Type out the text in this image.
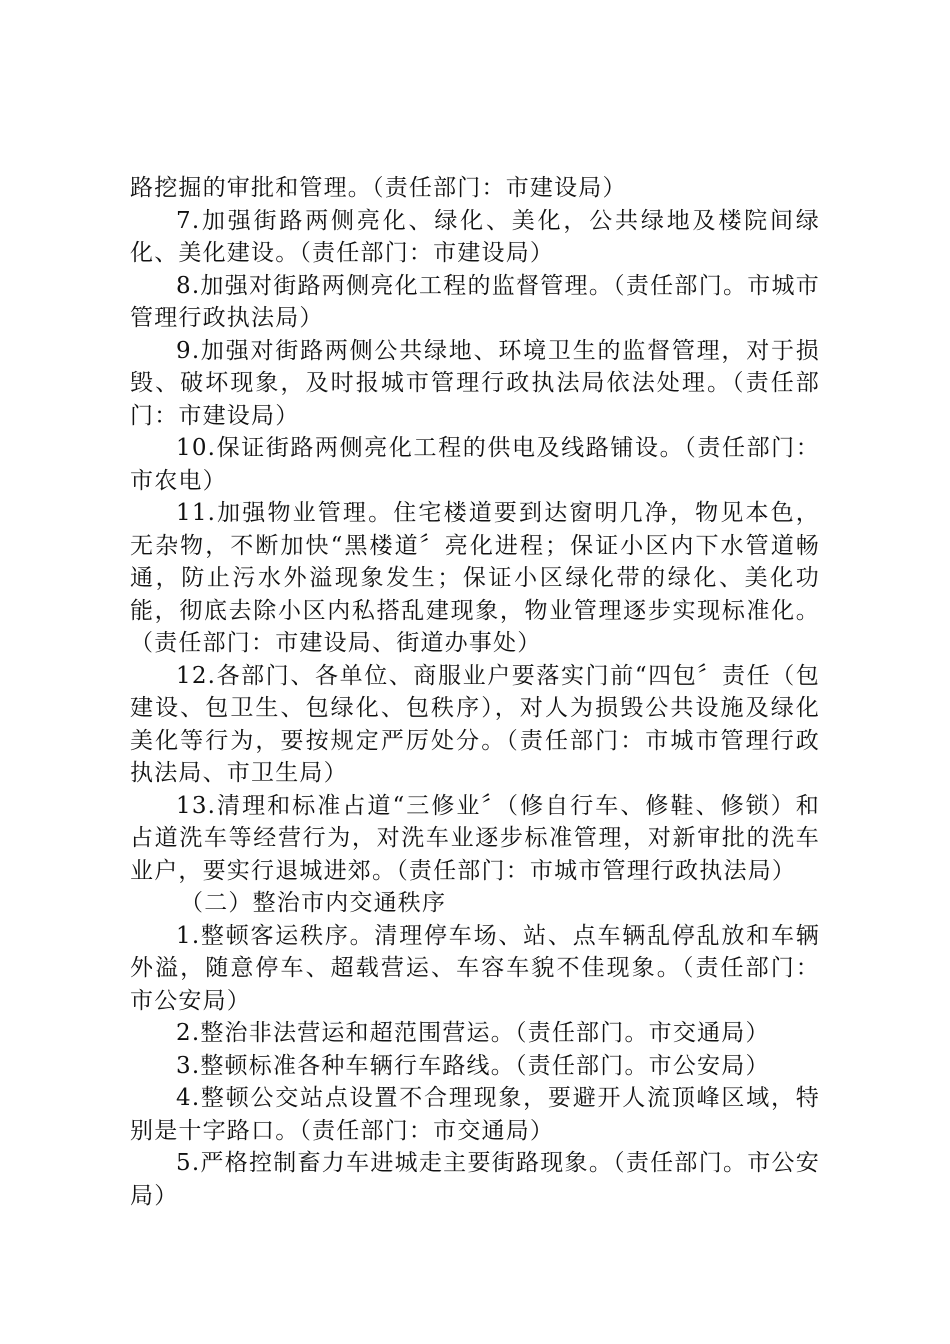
路挖掘的审批和管理。（责任部门：市建设局）

7.加强街路两侧亮化、绿化、美化，公共绿地及楼院间绿化、美化建设。（责任部门：市建设局）

8.加强对街路两侧亮化工程的监督管理。（责任部门。市城市管理行政执法局）

9.加强对街路两侧公共绿地、环境卫生的监督管理，对于损毁、破坏现象，及时报城市管理行政执法局依法处理。（责任部门：市建设局）

10.保证街路两侧亮化工程的供电及线路铺设。（责任部门：市农电）

11.加强物业管理。住宅楼道要到达窗明几净，物见本色，无杂物，不断加快“黑楼道〞亮化进程；保证小区内下水管道畅通，防止污水外溢现象发生；保证小区绿化带的绿化、美化功能，彻底去除小区内私搭乱建现象，物业管理逐步实现标准化。（责任部门：市建设局、街道办事处）

12.各部门、各单位、商服业户要落实门前“四包〞责任（包建设、包卫生、包绿化、包秩序），对人为损毁公共设施及绿化美化等行为，要按规定严厉处分。（责任部门：市城市管理行政执法局、市卫生局）

13.清理和标准占道“三修业〞（修自行车、修鞋、修锁）和占道洗车等经营行为，对洗车业逐步标准管理，对新审批的洗车业户，要实行退城进郊。（责任部门：市城市管理行政执法局）

（二）整治市内交通秩序

1.整顿客运秩序。清理停车场、站、点车辆乱停乱放和车辆外溢，随意停车、超载营运、车容车貌不佳现象。（责任部门：市公安局）

2.整治非法营运和超范围营运。（责任部门。市交通局）

3.整顿标准各种车辆行车路线。（责任部门。市公安局）

4.整顿公交站点设置不合理现象，要避开人流顶峰区域，特别是十字路口。（责任部门：市交通局）

5.严格控制畜力车进城走主要街路现象。（责任部门。市公安局）
